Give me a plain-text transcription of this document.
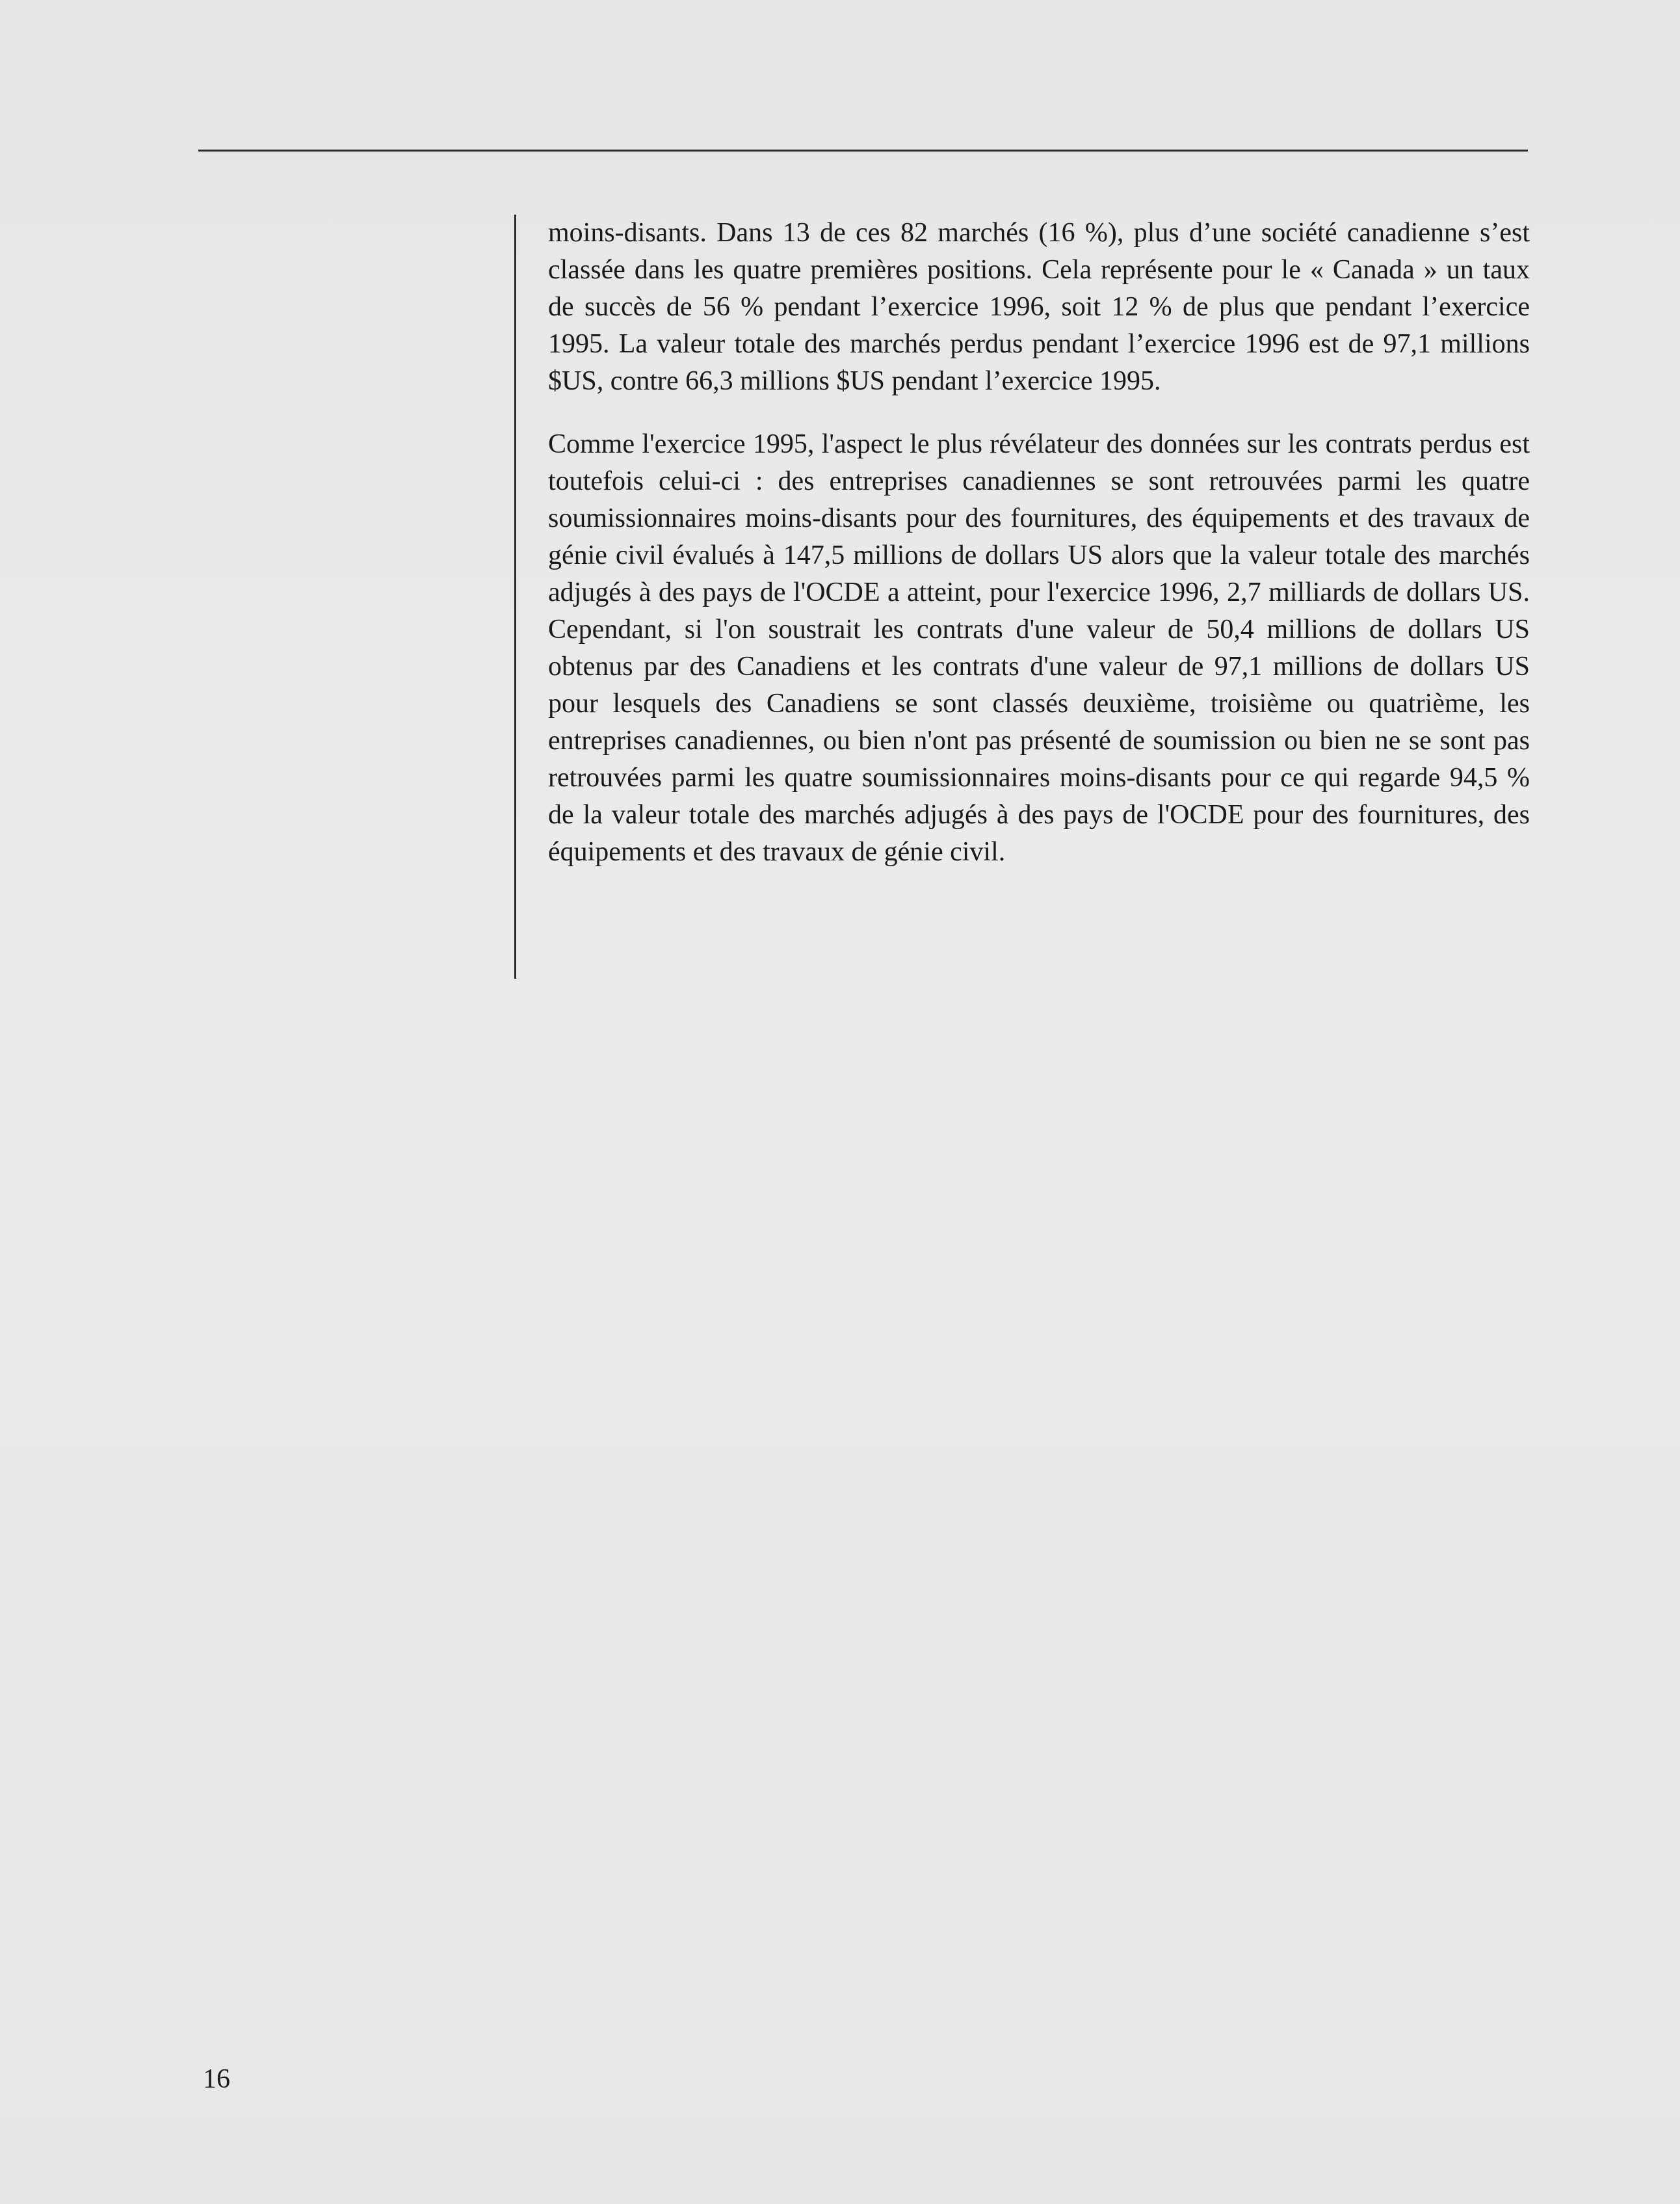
moins-disants. Dans 13 de ces 82 marchés (16 %), plus d’une société canadienne s’est classée dans les quatre premières positions. Cela représente pour le « Canada » un taux de succès de 56 % pendant l’exercice 1996, soit 12 % de plus que pendant l’exercice 1995. La valeur totale des marchés perdus pendant l’exercice 1996 est de 97,1 millions $US, contre 66,3 millions $US pendant l’exercice 1995.

Comme l'exercice 1995, l'aspect le plus révélateur des données sur les contrats perdus est toutefois celui-ci : des entreprises canadiennes se sont retrouvées parmi les quatre soumissionnaires moins-disants pour des fournitures, des équipements et des travaux de génie civil évalués à 147,5 millions de dollars US alors que la valeur totale des marchés adjugés à des pays de l'OCDE a atteint, pour l'exercice 1996, 2,7 milliards de dollars US. Cependant, si l'on soustrait les contrats d'une valeur de 50,4 millions de dollars US obtenus par des Canadiens et les contrats d'une valeur de 97,1 millions de dollars US pour lesquels des Canadiens se sont classés deuxième, troisième ou quatrième, les entreprises canadiennes, ou bien n'ont pas présenté de soumission ou bien ne se sont pas retrouvées parmi les quatre soumissionnaires moins-disants pour ce qui regarde 94,5 % de la valeur totale des marchés adjugés à des pays de l'OCDE pour des fournitures, des équipements et des travaux de génie civil.

16
